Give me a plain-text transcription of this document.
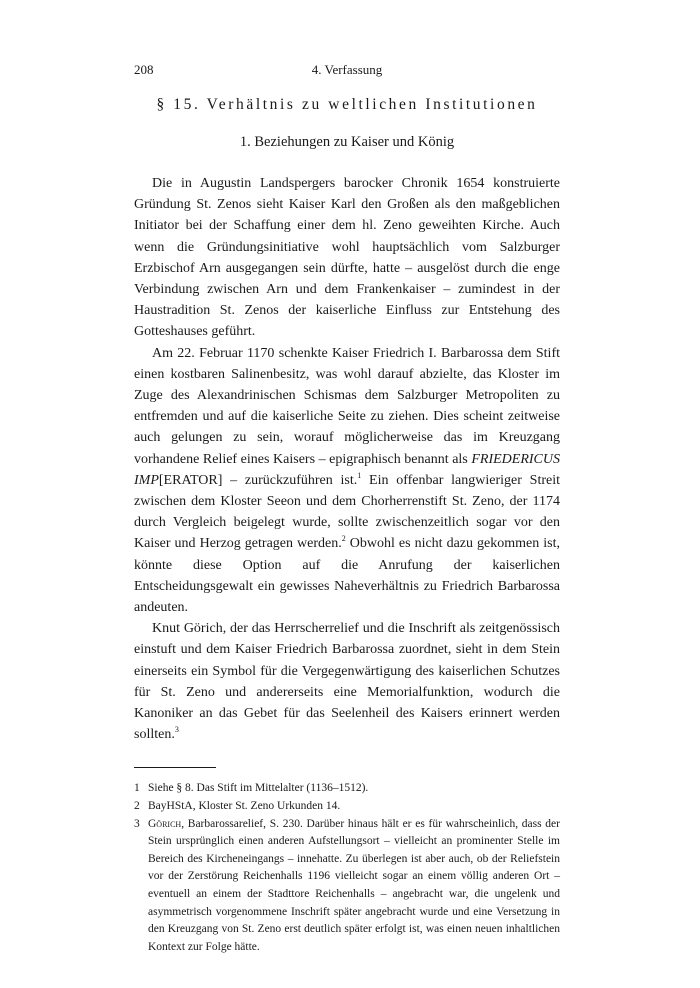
208	4. Verfassung
§ 15. Verhältnis zu weltlichen Institutionen
1. Beziehungen zu Kaiser und König

Die in Augustin Landspergers barocker Chronik 1654 konstruierte Gründung St. Zenos sieht Kaiser Karl den Großen als den maßgeblichen Initiator bei der Schaffung einer dem hl. Zeno geweihten Kirche. Auch wenn die Gründungsinitiative wohl hauptsächlich vom Salzburger Erzbischof Arn ausgegangen sein dürfte, hatte – ausgelöst durch die enge Verbindung zwischen Arn und dem Frankenkaiser – zumindest in der Haustradition St. Zenos der kaiserliche Einfluss zur Entstehung des Gotteshauses geführt.

Am 22. Februar 1170 schenkte Kaiser Friedrich I. Barbarossa dem Stift einen kostbaren Salinenbesitz, was wohl darauf abzielte, das Kloster im Zuge des Alexandrinischen Schismas dem Salzburger Metropoliten zu entfremden und auf die kaiserliche Seite zu ziehen. Dies scheint zeitweise auch gelungen zu sein, worauf möglicherweise das im Kreuzgang vorhandene Relief eines Kaisers – epigraphisch benannt als FRIEDERICUS IMP[ERATOR] – zurückzuführen ist.$^1$ Ein offenbar langwieriger Streit zwischen dem Kloster Seeon und dem Chorherrenstift St. Zeno, der 1174 durch Vergleich beigelegt wurde, sollte zwischenzeitlich sogar vor den Kaiser und Herzog getragen werden.$^2$ Obwohl es nicht dazu gekommen ist, könnte diese Option auf die Anrufung der kaiserlichen Entscheidungsgewalt ein gewisses Naheverhältnis zu Friedrich Barbarossa andeuten.

Knut Görich, der das Herrscherrelief und die Inschrift als zeitgenössisch einstuft und dem Kaiser Friedrich Barbarossa zuordnet, sieht in dem Stein einerseits ein Symbol für die Vergegenwärtigung des kaiserlichen Schutzes für St. Zeno und andererseits eine Memorialfunktion, wodurch die Kanoniker an das Gebet für das Seelenheil des Kaisers erinnert werden sollten.$^3$

1 Siehe § 8. Das Stift im Mittelalter (1136–1512).
2 BayHStA, Kloster St. Zeno Urkunden 14.
3 Görich, Barbarossarelief, S. 230. Darüber hinaus hält er es für wahrscheinlich, dass der Stein ursprünglich einen anderen Aufstellungsort – vielleicht an prominenter Stelle im Bereich des Kircheneingangs – innehatte. Zu überlegen ist aber auch, ob der Reliefstein vor der Zerstörung Reichenhalls 1196 vielleicht sogar an einem völlig anderen Ort – eventuell an einem der Stadttore Reichenhalls – angebracht war, die ungelenk und asymmetrisch vorgenommene Inschrift später angebracht wurde und eine Versetzung in den Kreuzgang von St. Zeno erst deutlich später erfolgt ist, was einen neuen inhaltlichen Kontext zur Folge hätte.
